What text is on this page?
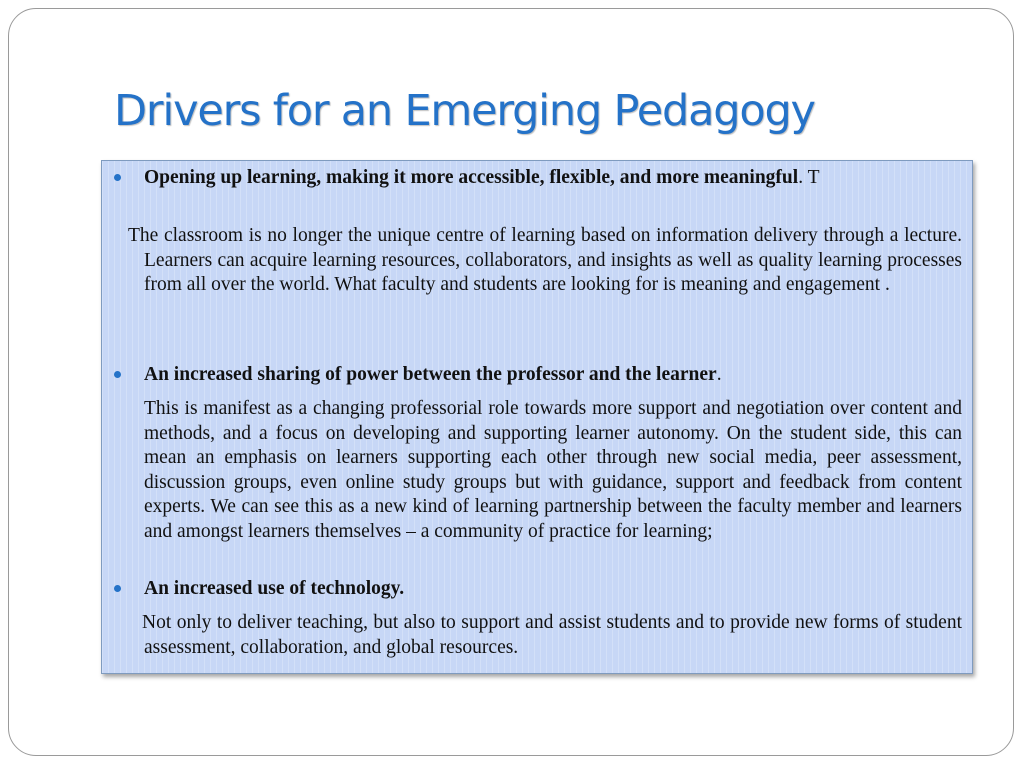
Drivers for an Emerging Pedagogy

Opening up learning, making it more accessible, flexible, and more meaningful. T

The classroom is no longer the unique centre of learning based on information delivery through a lecture. Learners can acquire learning resources, collaborators, and insights as well as quality learning processes from all over the world. What faculty and students are looking for is meaning and engagement .

An increased sharing of power between the professor and the learner.

This is manifest as a changing professorial role towards more support and negotiation over content and methods, and a focus on developing and supporting learner autonomy. On the student side, this can mean an emphasis on learners supporting each other through new social media, peer assessment, discussion groups, even online study groups but with guidance, support and feedback from content experts. We can see this as a new kind of learning partnership between the faculty member and learners and amongst learners themselves – a community of practice for learning;

An increased use of technology.

Not only to deliver teaching, but also to support and assist students and to provide new forms of student assessment, collaboration, and global resources.
